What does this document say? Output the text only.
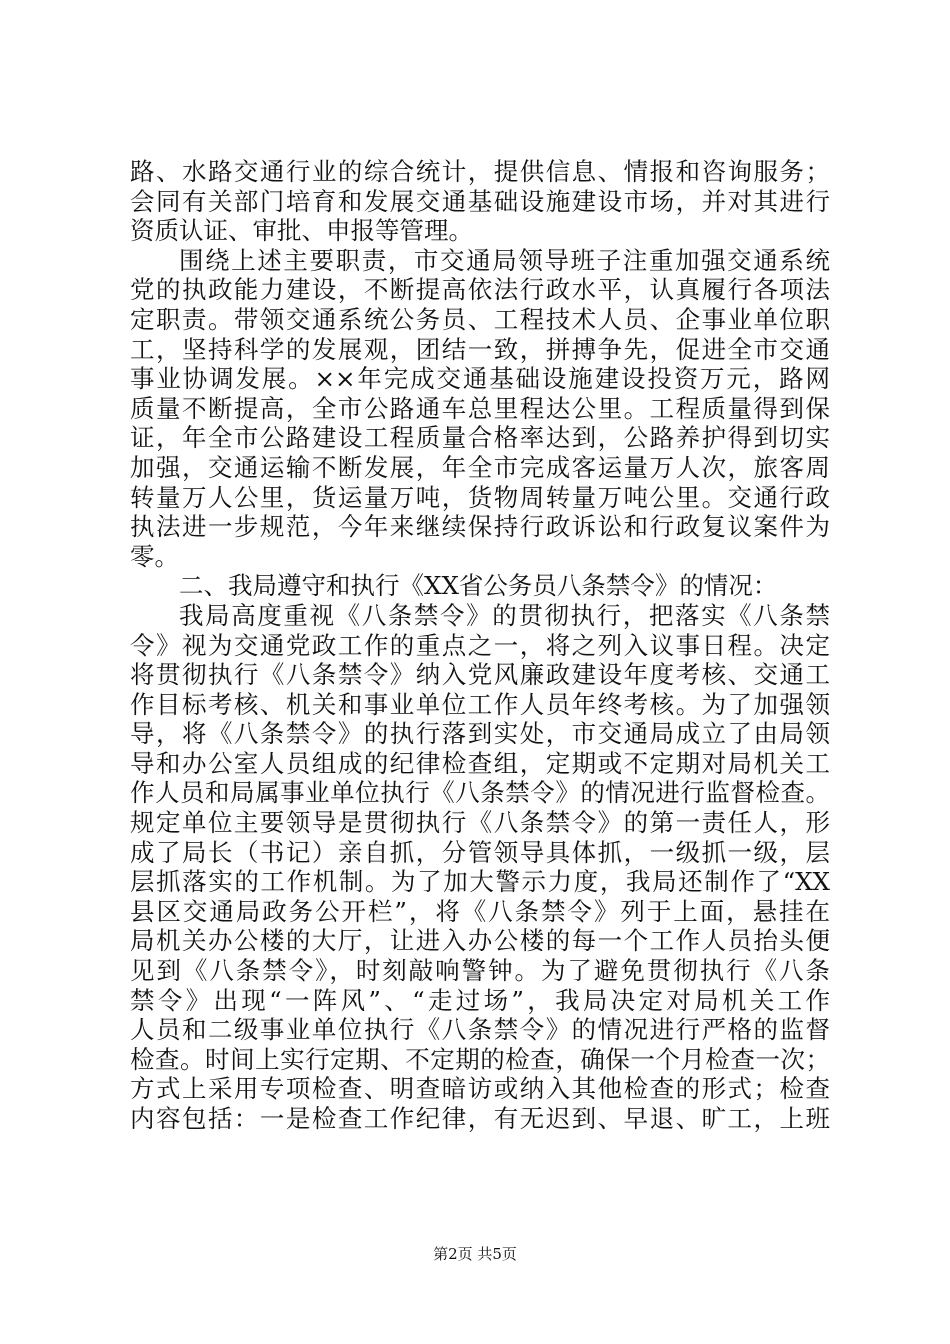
路、水路交通行业的综合统计，提供信息、情报和咨询服务；
会同有关部门培育和发展交通基础设施建设市场，并对其进行
资质认证、审批、申报等管理。
围绕上述主要职责，市交通局领导班子注重加强交通系统
党的执政能力建设，不断提高依法行政水平，认真履行各项法
定职责。带领交通系统公务员、工程技术人员、企事业单位职
工，坚持科学的发展观，团结一致，拼搏争先，促进全市交通
事业协调发展。××年完成交通基础设施建设投资万元，路网
质量不断提高，全市公路通车总里程达公里。工程质量得到保
证，年全市公路建设工程质量合格率达到，公路养护得到切实
加强，交通运输不断发展，年全市完成客运量万人次，旅客周
转量万人公里，货运量万吨，货物周转量万吨公里。交通行政
执法进一步规范，今年来继续保持行政诉讼和行政复议案件为
零。
二、我局遵守和执行《XX省公务员八条禁令》的情况：
我局高度重视《八条禁令》的贯彻执行，把落实《八条禁
令》视为交通党政工作的重点之一，将之列入议事日程。决定
将贯彻执行《八条禁令》纳入党风廉政建设年度考核、交通工
作目标考核、机关和事业单位工作人员年终考核。为了加强领
导，将《八条禁令》的执行落到实处，市交通局成立了由局领
导和办公室人员组成的纪律检查组，定期或不定期对局机关工
作人员和局属事业单位执行《八条禁令》的情况进行监督检查。
规定单位主要领导是贯彻执行《八条禁令》的第一责任人，形
成了局长（书记）亲自抓，分管领导具体抓，一级抓一级，层
层抓落实的工作机制。为了加大警示力度，我局还制作了“XX
县区交通局政务公开栏”，将《八条禁令》列于上面，悬挂在
局机关办公楼的大厅，让进入办公楼的每一个工作人员抬头便
见到《八条禁令》，时刻敲响警钟。为了避免贯彻执行《八条
禁令》出现“一阵风”、“走过场”，我局决定对局机关工作
人员和二级事业单位执行《八条禁令》的情况进行严格的监督
检查。时间上实行定期、不定期的检查，确保一个月检查一次；
方式上采用专项检查、明查暗访或纳入其他检查的形式；检查
内容包括：一是检查工作纪律，有无迟到、早退、旷工，上班
第2页 共5页
